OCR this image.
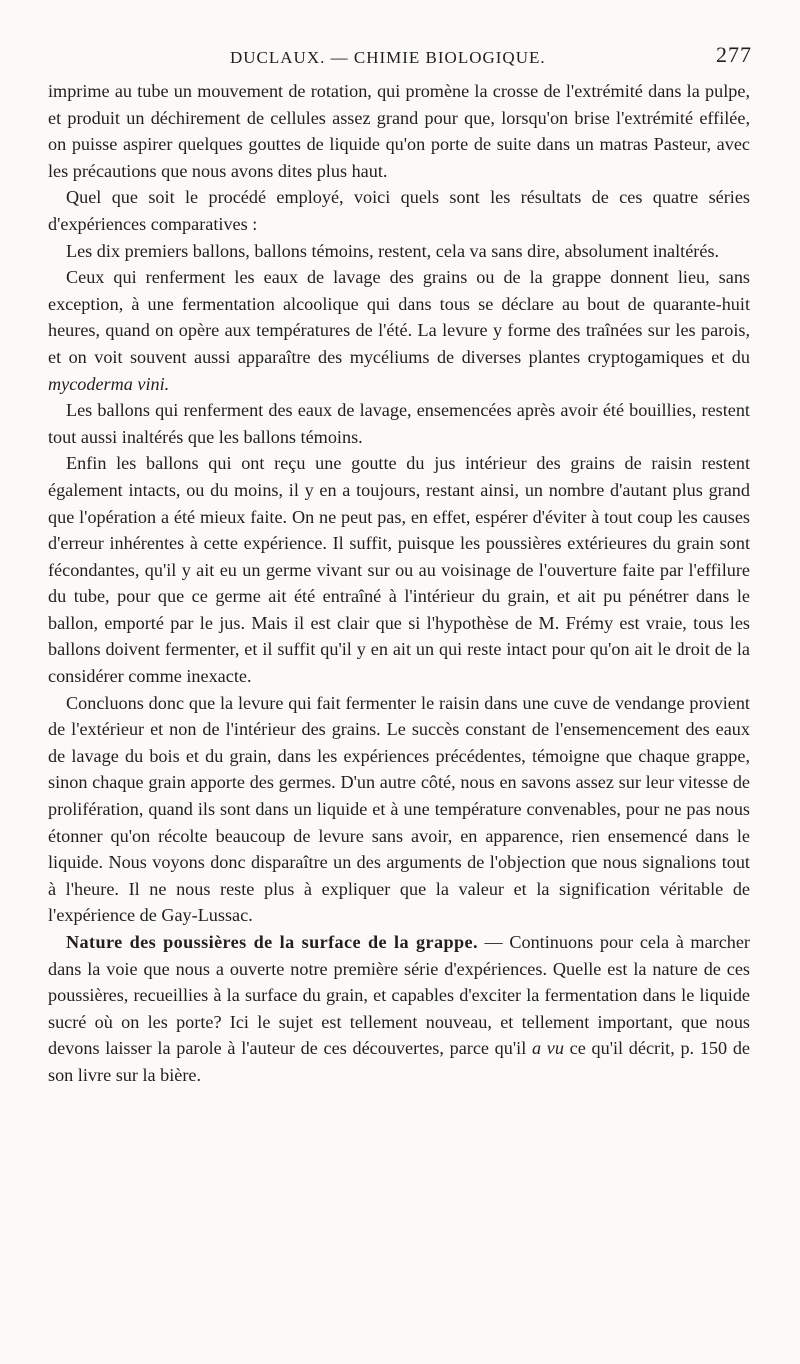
DUCLAUX. — CHIMIE BIOLOGIQUE.	277

imprime au tube un mouvement de rotation, qui promène la crosse de l'extrémité dans la pulpe, et produit un déchirement de cellules assez grand pour que, lorsqu'on brise l'extrémité effilée, on puisse aspirer quelques gouttes de liquide qu'on porte de suite dans un matras Pasteur, avec les précautions que nous avons dites plus haut.

Quel que soit le procédé employé, voici quels sont les résultats de ces quatre séries d'expériences comparatives :

Les dix premiers ballons, ballons témoins, restent, cela va sans dire, absolument inaltérés.

Ceux qui renferment les eaux de lavage des grains ou de la grappe donnent lieu, sans exception, à une fermentation alcoolique qui dans tous se déclare au bout de quarante-huit heures, quand on opère aux températures de l'été. La levure y forme des traînées sur les parois, et on voit souvent aussi apparaître des mycéliums de diverses plantes cryptogamiques et du mycoderma vini.

Les ballons qui renferment des eaux de lavage, ensemencées après avoir été bouillies, restent tout aussi inaltérés que les ballons témoins.

Enfin les ballons qui ont reçu une goutte du jus intérieur des grains de raisin restent également intacts, ou du moins, il y en a toujours, restant ainsi, un nombre d'autant plus grand que l'opération a été mieux faite. On ne peut pas, en effet, espérer d'éviter à tout coup les causes d'erreur inhérentes à cette expérience. Il suffit, puisque les poussières extérieures du grain sont fécondantes, qu'il y ait eu un germe vivant sur ou au voisinage de l'ouverture faite par l'effilure du tube, pour que ce germe ait été entraîné à l'intérieur du grain, et ait pu pénétrer dans le ballon, emporté par le jus. Mais il est clair que si l'hypothèse de M. Frémy est vraie, tous les ballons doivent fermenter, et il suffit qu'il y en ait un qui reste intact pour qu'on ait le droit de la considérer comme inexacte.

Concluons donc que la levure qui fait fermenter le raisin dans une cuve de vendange provient de l'extérieur et non de l'intérieur des grains. Le succès constant de l'ensemencement des eaux de lavage du bois et du grain, dans les expériences précédentes, témoigne que chaque grappe, sinon chaque grain apporte des germes. D'un autre côté, nous en savons assez sur leur vitesse de prolifération, quand ils sont dans un liquide et à une température convenables, pour ne pas nous étonner qu'on récolte beaucoup de levure sans avoir, en apparence, rien ensemencé dans le liquide. Nous voyons donc disparaître un des arguments de l'objection que nous signalions tout à l'heure. Il ne nous reste plus à expliquer que la valeur et la signification véritable de l'expérience de Gay-Lussac.

Nature des poussières de la surface de la grappe. — Continuons pour cela à marcher dans la voie que nous a ouverte notre première série d'expériences. Quelle est la nature de ces poussières, recueillies à la surface du grain, et capables d'exciter la fermentation dans le liquide sucré où on les porte? Ici le sujet est tellement nouveau, et tellement important, que nous devons laisser la parole à l'auteur de ces découvertes, parce qu'il a vu ce qu'il décrit, p. 150 de son livre sur la bière.
